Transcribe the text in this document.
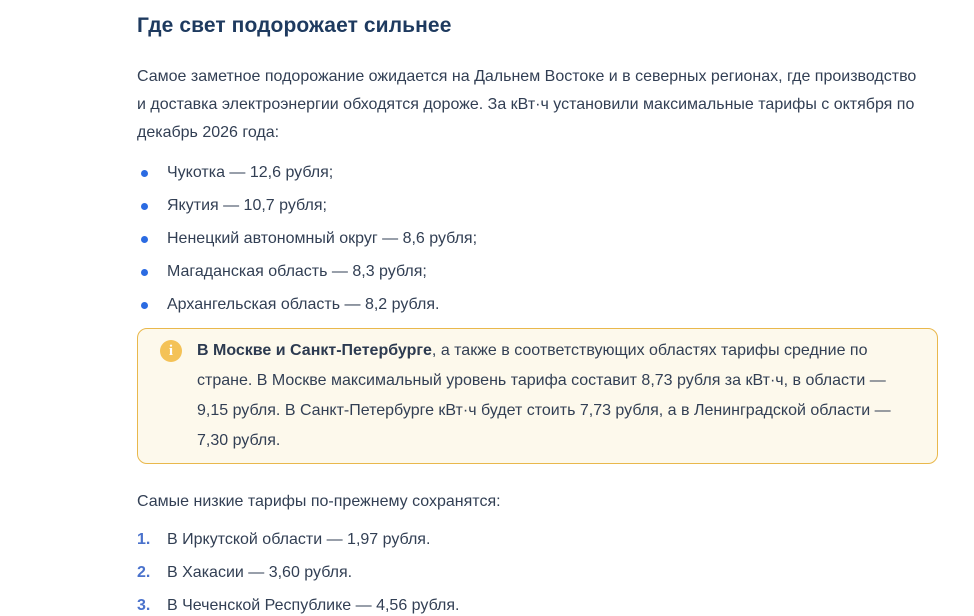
Где свет подорожает сильнее

Самое заметное подорожание ожидается на Дальнем Востоке и в северных регионах, где производство и доставка электроэнергии обходятся дороже. За кВт·ч установили максимальные тарифы с октября по декабрь 2026 года:

Чукотка — 12,6 рубля;
Якутия — 10,7 рубля;
Ненецкий автономный округ — 8,6 рубля;
Магаданская область — 8,3 рубля;
Архангельская область — 8,2 рубля.
i	В Москве и Санкт-Петербурге, а также в соответствующих областях тарифы средние по стране. В Москве максимальный уровень тарифа составит 8,73 рубля за кВт·ч, в области — 9,15 рубля. В Санкт-Петербурге кВт·ч будет стоить 7,73 рубля, а в Ленинградской области — 7,30 рубля.

Самые низкие тарифы по-прежнему сохранятся:

1.	В Иркутской области — 1,97 рубля.
2.	В Хакасии — 3,60 рубля.
3.	В Чеченской Республике — 4,56 рубля.
